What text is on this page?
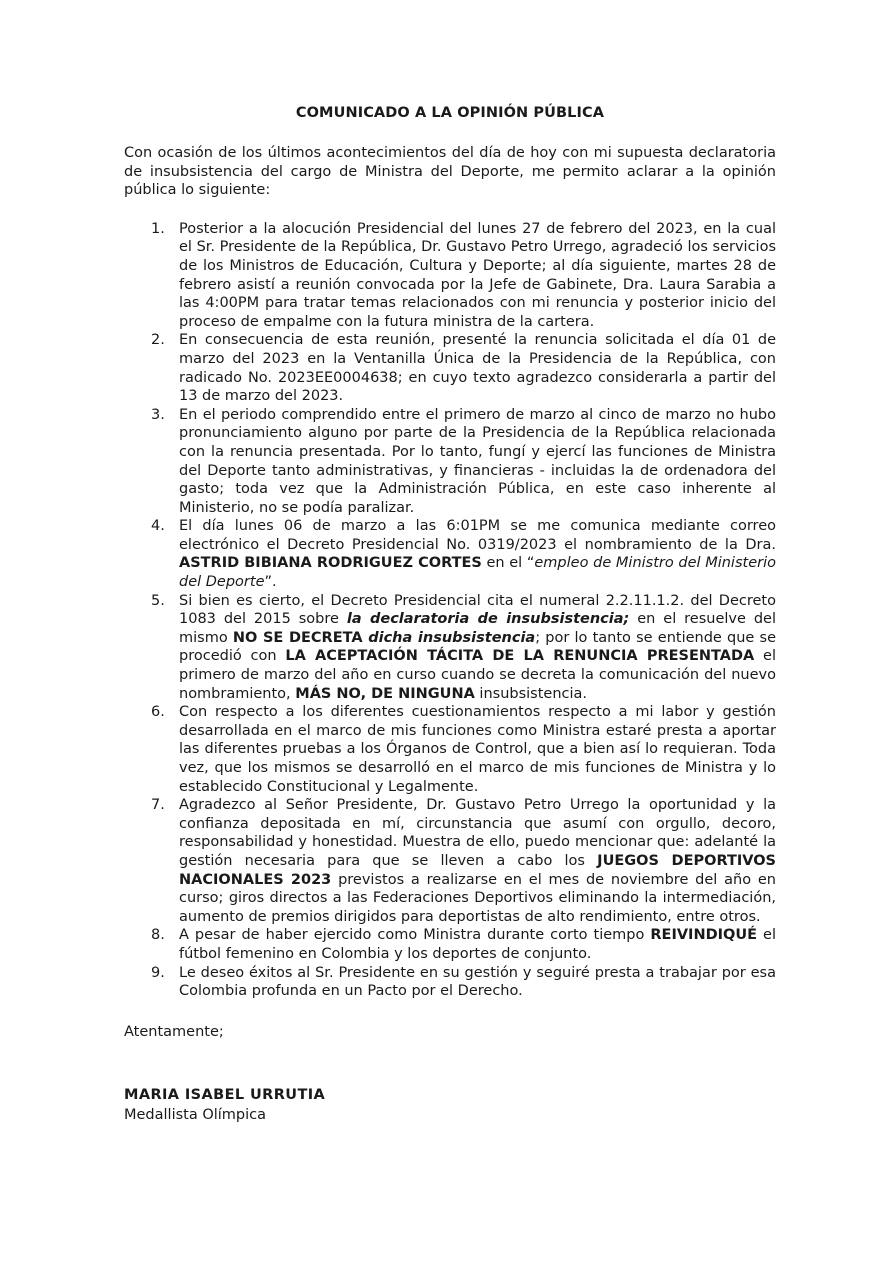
COMUNICADO A LA OPINIÓN PÚBLICA

Con ocasión de los últimos acontecimientos del día de hoy con mi supuesta declaratoria de insubsistencia del cargo de Ministra del Deporte, me permito aclarar a la opinión pública lo siguiente:

1. Posterior a la alocución Presidencial del lunes 27 de febrero del 2023, en la cual el Sr. Presidente de la República, Dr. Gustavo Petro Urrego, agradeció los servicios de los Ministros de Educación, Cultura y Deporte; al día siguiente, martes 28 de febrero asistí a reunión convocada por la Jefe de Gabinete, Dra. Laura Sarabia a las 4:00PM para tratar temas relacionados con mi renuncia y posterior inicio del proceso de empalme con la futura ministra de la cartera.
2. En consecuencia de esta reunión, presenté la renuncia solicitada el día 01 de marzo del 2023 en la Ventanilla Única de la Presidencia de la República, con radicado No. 2023EE0004638; en cuyo texto agradezco considerarla a partir del 13 de marzo del 2023.
3. En el periodo comprendido entre el primero de marzo al cinco de marzo no hubo pronunciamiento alguno por parte de la Presidencia de la República relacionada con la renuncia presentada. Por lo tanto, fungí y ejercí las funciones de Ministra del Deporte tanto administrativas, y financieras - incluidas la de ordenadora del gasto; toda vez que la Administración Pública, en este caso inherente al Ministerio, no se podía paralizar.
4. El día lunes 06 de marzo a las 6:01PM se me comunica mediante correo electrónico el Decreto Presidencial No. 0319/2023 el nombramiento de la Dra. ASTRID BIBIANA RODRIGUEZ CORTES en el “empleo de Ministro del Ministerio del Deporte”.
5. Si bien es cierto, el Decreto Presidencial cita el numeral 2.2.11.1.2. del Decreto 1083 del 2015 sobre la declaratoria de insubsistencia; en el resuelve del mismo NO SE DECRETA dicha insubsistencia; por lo tanto se entiende que se procedió con LA ACEPTACIÓN TÁCITA DE LA RENUNCIA PRESENTADA el primero de marzo del año en curso cuando se decreta la comunicación del nuevo nombramiento, MÁS NO, DE NINGUNA insubsistencia.
6. Con respecto a los diferentes cuestionamientos respecto a mi labor y gestión desarrollada en el marco de mis funciones como Ministra estaré presta a aportar las diferentes pruebas a los Órganos de Control, que a bien así lo requieran. Toda vez, que los mismos se desarrolló en el marco de mis funciones de Ministra y lo establecido Constitucional y Legalmente.
7. Agradezco al Señor Presidente, Dr. Gustavo Petro Urrego la oportunidad y la confianza depositada en mí, circunstancia que asumí con orgullo, decoro, responsabilidad y honestidad. Muestra de ello, puedo mencionar que: adelanté la gestión necesaria para que se lleven a cabo los JUEGOS DEPORTIVOS NACIONALES 2023 previstos a realizarse en el mes de noviembre del año en curso; giros directos a las Federaciones Deportivos eliminando la intermediación, aumento de premios dirigidos para deportistas de alto rendimiento, entre otros.
8. A pesar de haber ejercido como Ministra durante corto tiempo REIVINDIQUÉ el fútbol femenino en Colombia y los deportes de conjunto.
9. Le deseo éxitos al Sr. Presidente en su gestión y seguiré presta a trabajar por esa Colombia profunda en un Pacto por el Derecho.

Atentamente;

MARIA ISABEL URRUTIA
Medallista Olímpica
